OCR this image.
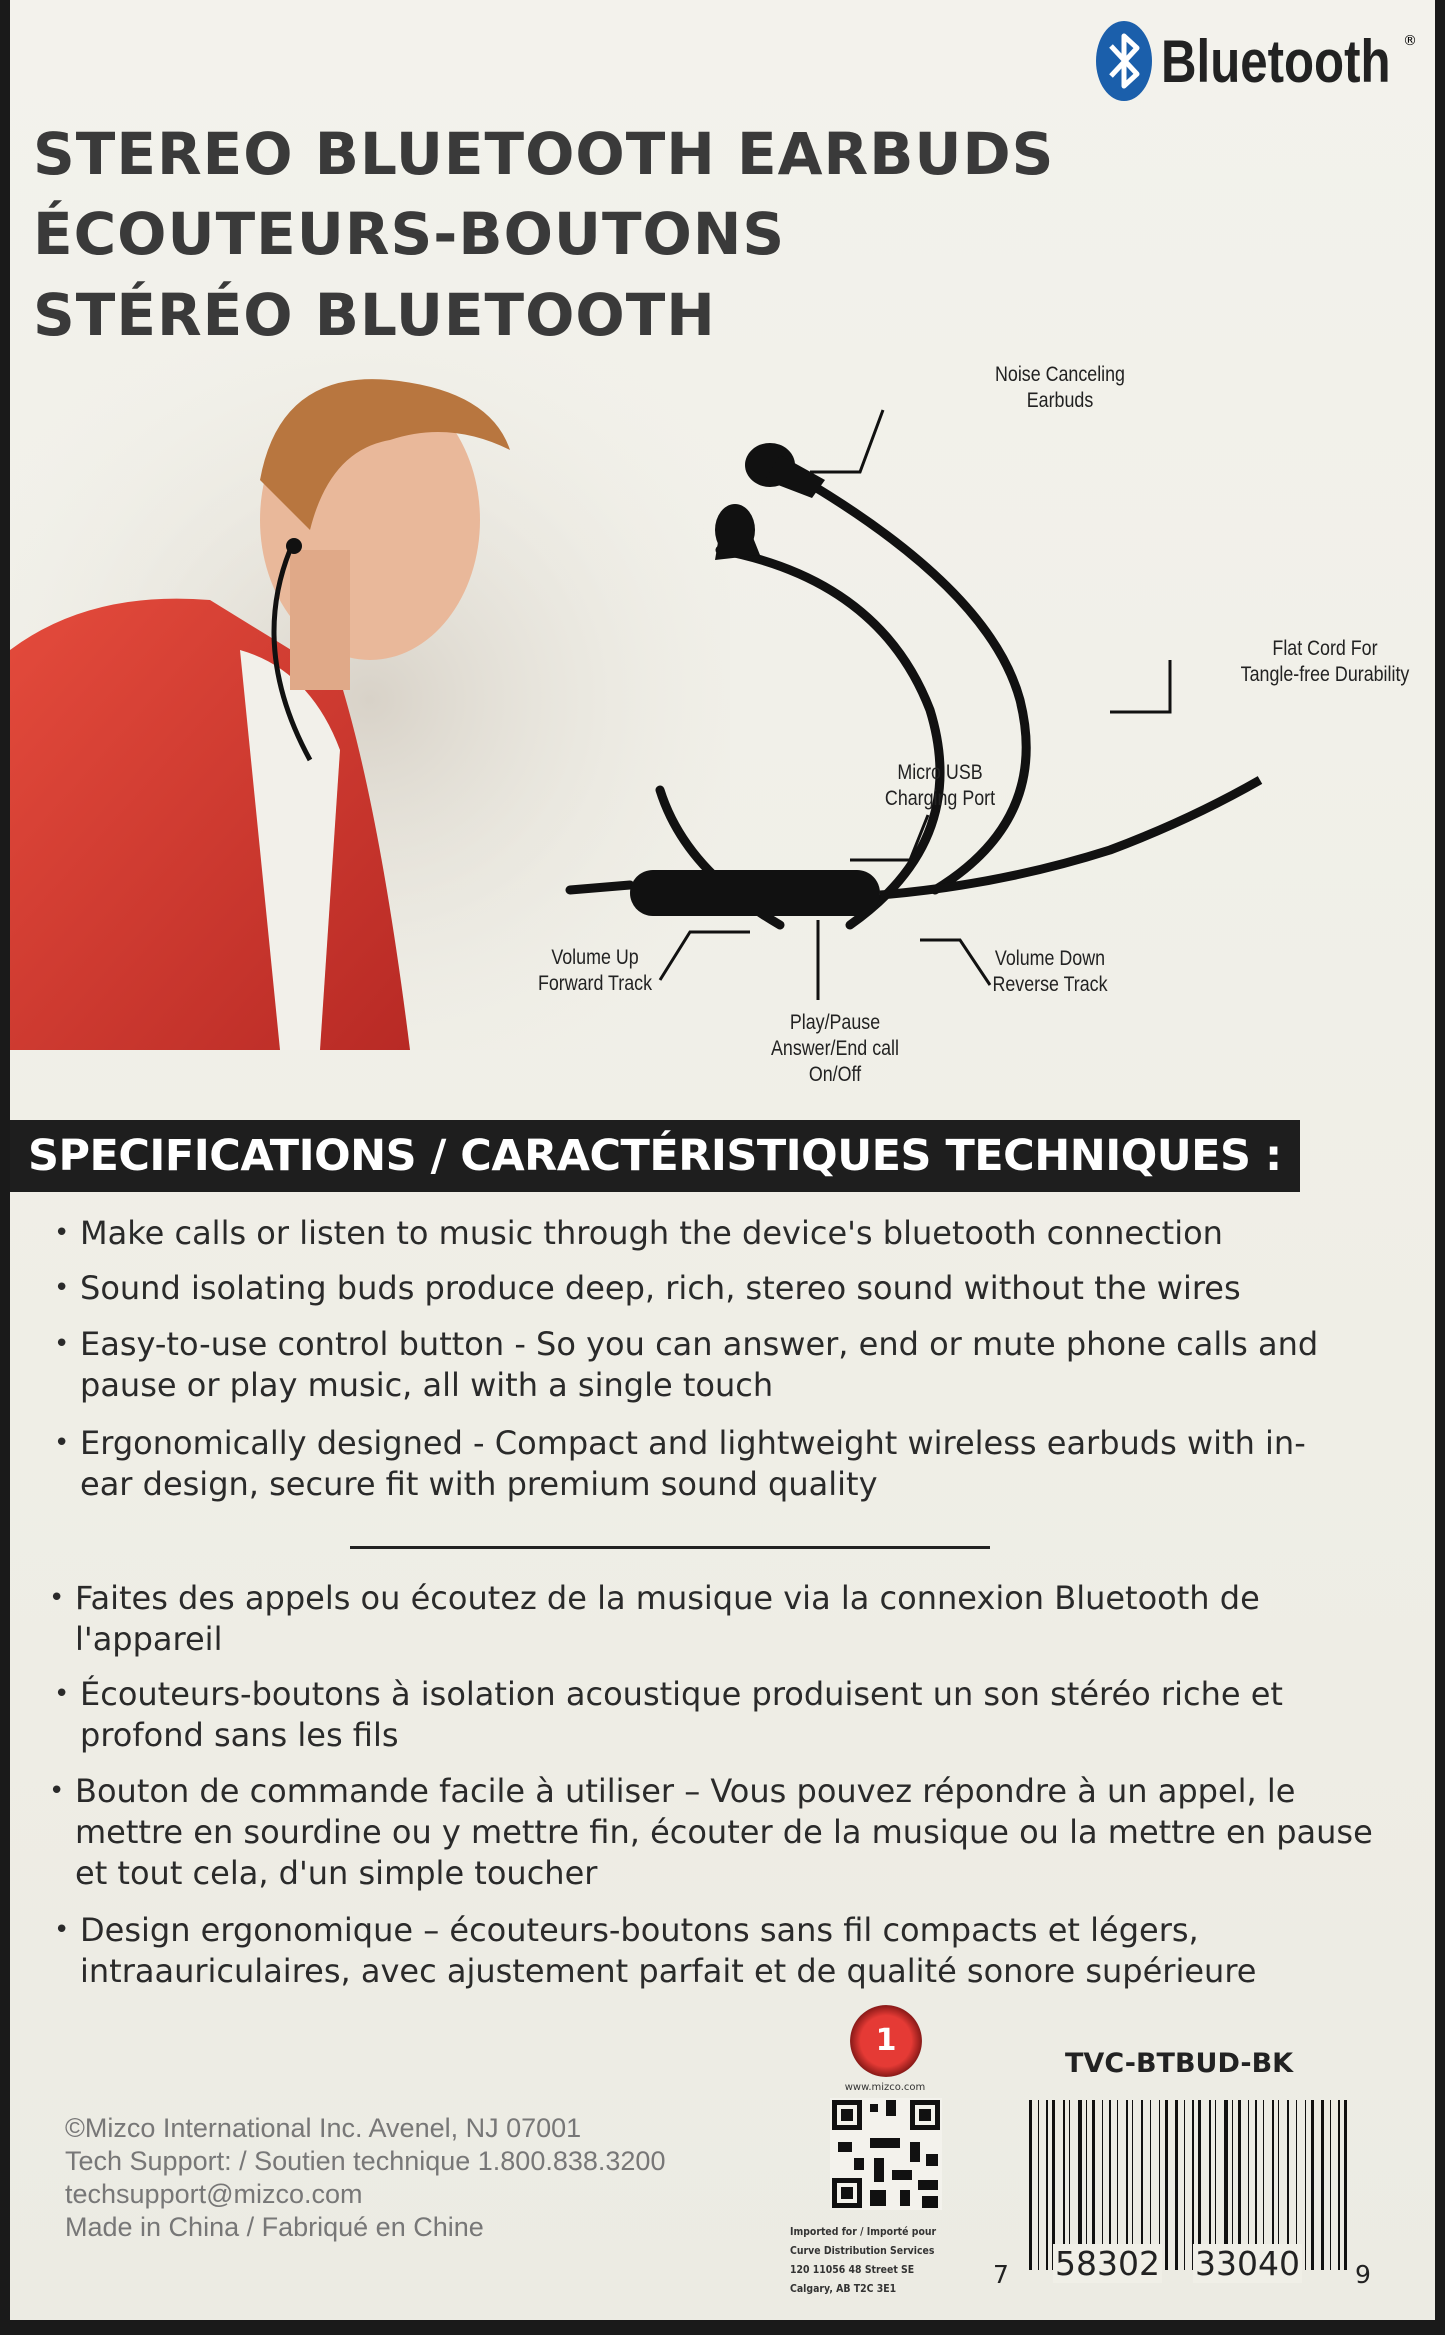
Bluetooth ®
STEREO BLUETOOTH EARBUDS
ÉCOUTEURS-BOUTONS
STÉRÉO BLUETOOTH
Noise Canceling
Earbuds
Flat Cord For
Tangle-free Durability
Micro USB
Charging Port
Volume Up
Forward Track
Volume Down
Reverse Track
Play/Pause
Answer/End call
On/Off
SPECIFICATIONS / CARACTÉRISTIQUES TECHNIQUES :
• Make calls or listen to music through the device's bluetooth connection
• Sound isolating buds produce deep, rich, stereo sound without the wires
• Easy-to-use control button - So you can answer, end or mute phone calls and pause or play music, all with a single touch
• Ergonomically designed - Compact and lightweight wireless earbuds with in-ear design, secure fit with premium sound quality
• Faites des appels ou écoutez de la musique via la connexion Bluetooth de l'appareil
• Écouteurs-boutons à isolation acoustique produisent un son stéréo riche et profond sans les fils
• Bouton de commande facile à utiliser – Vous pouvez répondre à un appel, le mettre en sourdine ou y mettre fin, écouter de la musique ou la mettre en pause et tout cela, d'un simple toucher
• Design ergonomique – écouteurs-boutons sans fil compacts et légers, intraauriculaires, avec ajustement parfait et de qualité sonore supérieure
1
TVC-BTBUD-BK
©Mizco International Inc. Avenel, NJ 07001
Tech Support: / Soutien technique 1.800.838.3200
techsupport@mizco.com
Made in China / Fabriqué en Chine
www.mizco.com
Imported for / Importé pour
Curve Distribution Services
120 11056 48 Street SE
Calgary, AB T2C 3E1	7 58302 33040 9
